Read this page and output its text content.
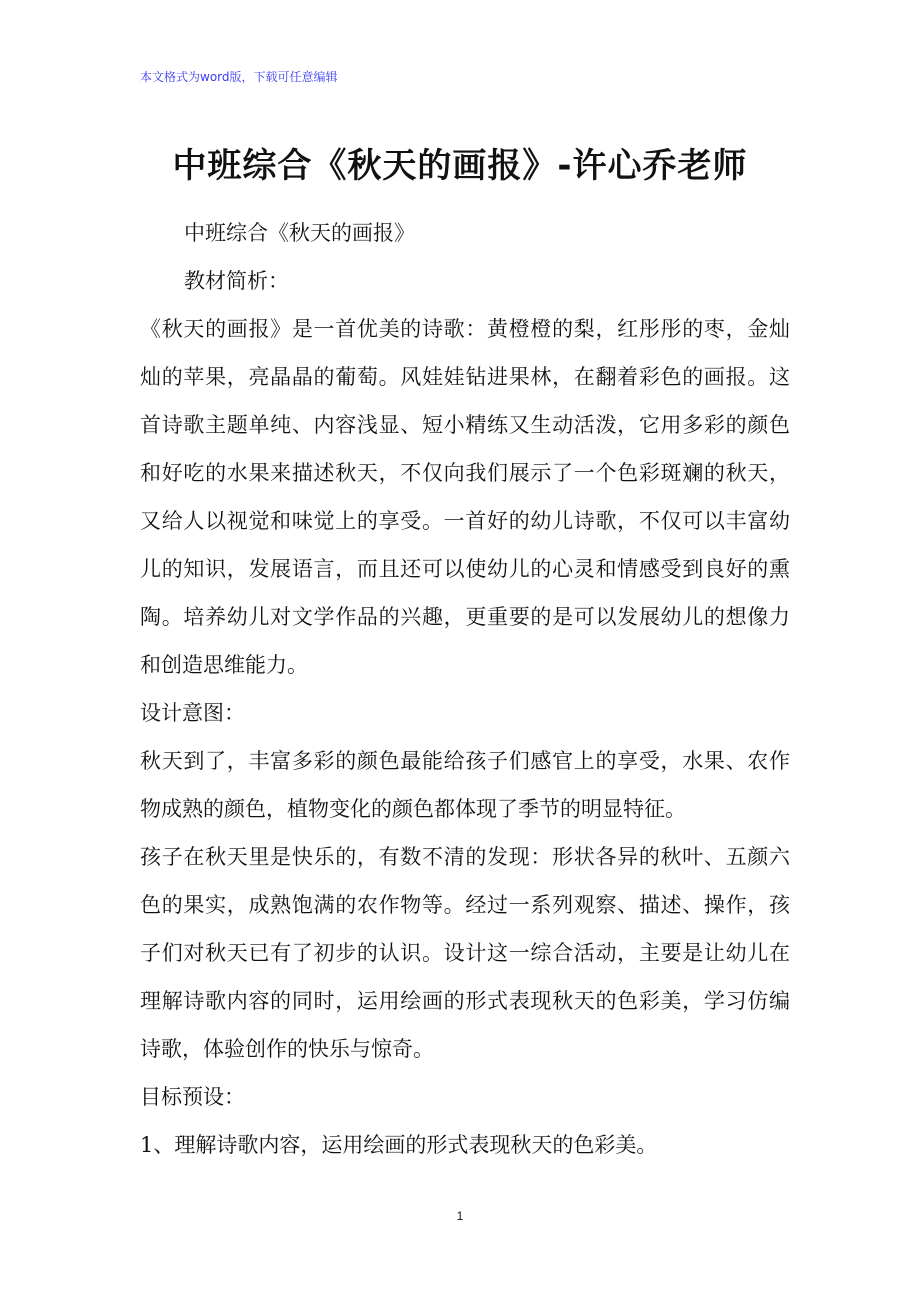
本文格式为word版，下载可任意编辑
中班综合《秋天的画报》-许心乔老师
中班综合《秋天的画报》
教材简析：
《秋天的画报》是一首优美的诗歌：黄橙橙的梨，红彤彤的枣，金灿
灿的苹果，亮晶晶的葡萄。风娃娃钻进果林，在翻着彩色的画报。这
首诗歌主题单纯、内容浅显、短小精练又生动活泼，它用多彩的颜色
和好吃的水果来描述秋天，不仅向我们展示了一个色彩斑斓的秋天，
又给人以视觉和味觉上的享受。一首好的幼儿诗歌，不仅可以丰富幼
儿的知识，发展语言，而且还可以使幼儿的心灵和情感受到良好的熏
陶。培养幼儿对文学作品的兴趣，更重要的是可以发展幼儿的想像力
和创造思维能力。
设计意图：
秋天到了，丰富多彩的颜色最能给孩子们感官上的享受，水果、农作
物成熟的颜色，植物变化的颜色都体现了季节的明显特征。
孩子在秋天里是快乐的，有数不清的发现：形状各异的秋叶、五颜六
色的果实，成熟饱满的农作物等。经过一系列观察、描述、操作，孩
子们对秋天已有了初步的认识。设计这一综合活动，主要是让幼儿在
理解诗歌内容的同时，运用绘画的形式表现秋天的色彩美，学习仿编
诗歌，体验创作的快乐与惊奇。
目标预设：
1、理解诗歌内容，运用绘画的形式表现秋天的色彩美。
1
